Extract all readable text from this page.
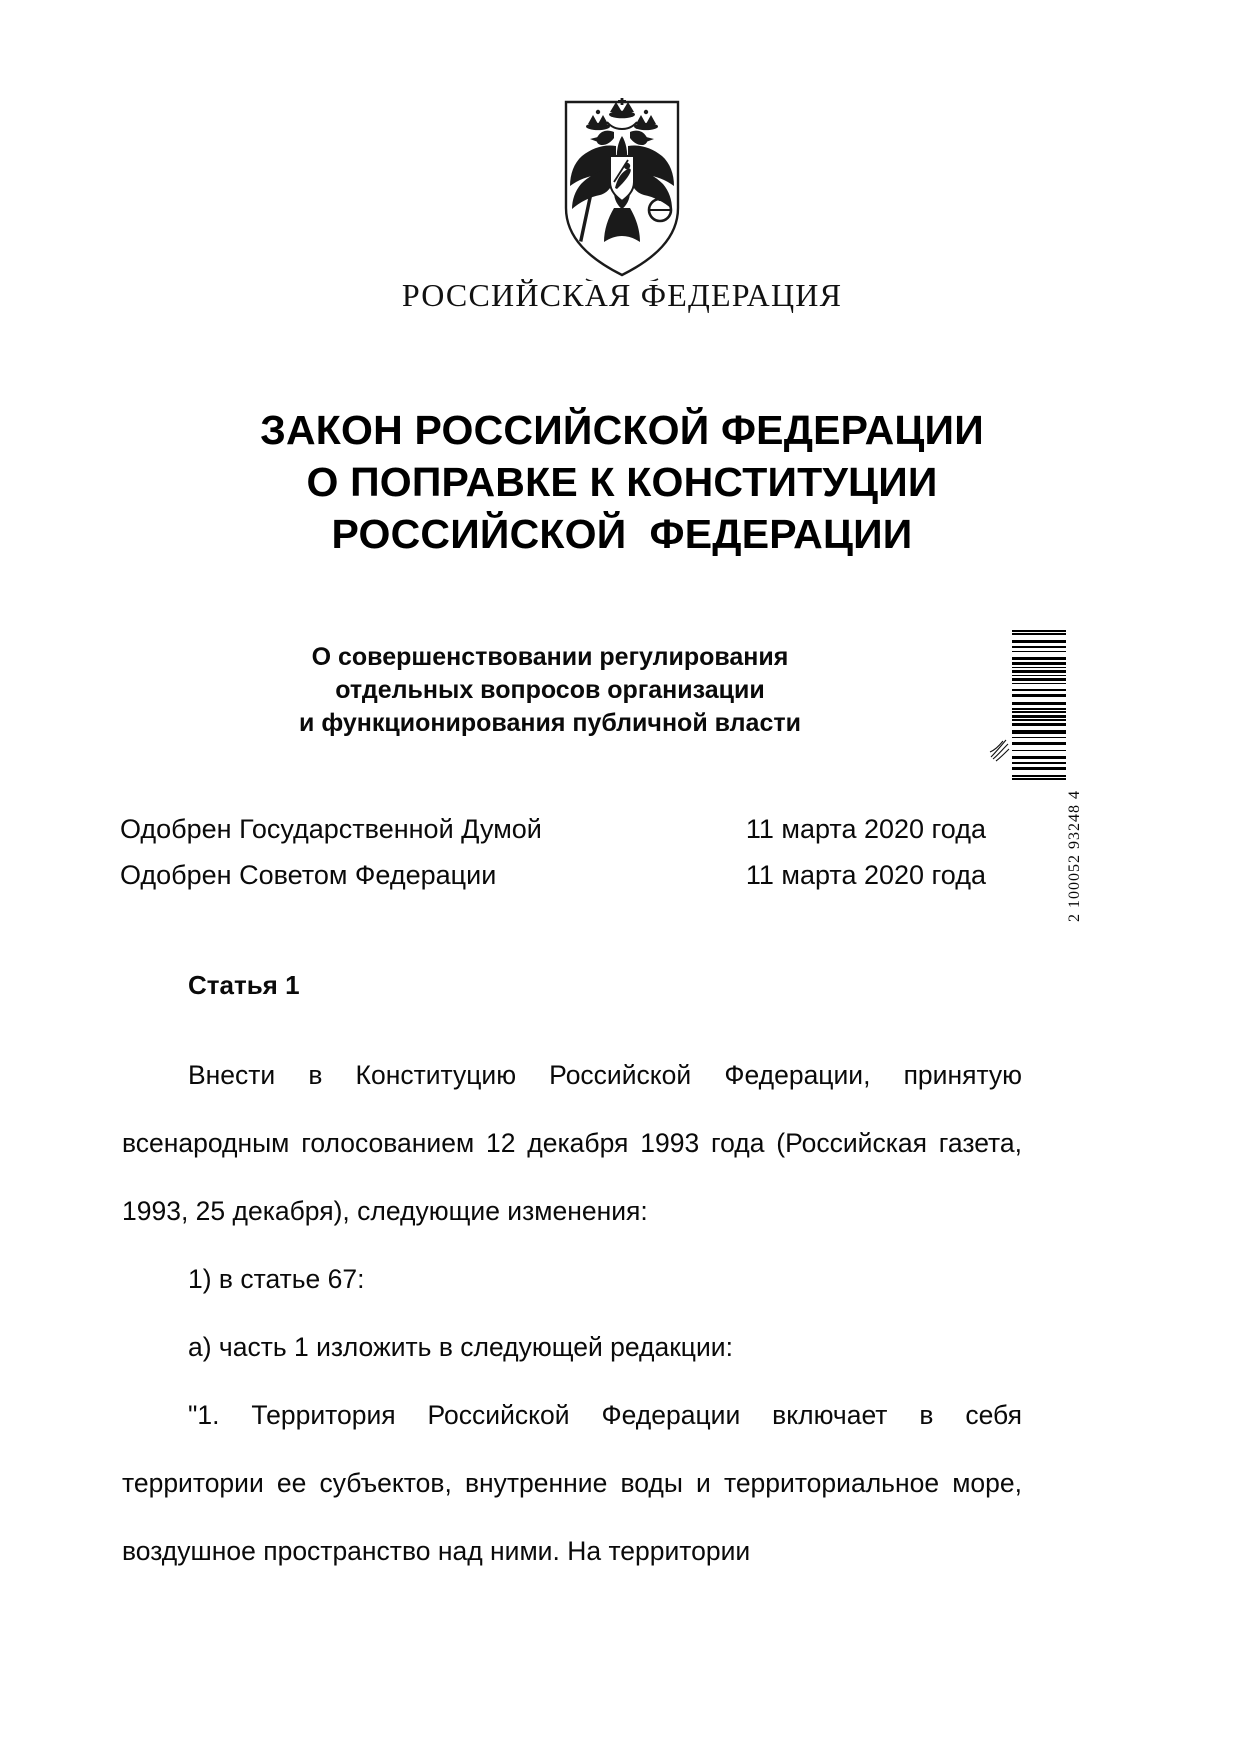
РОССИЙСКАЯ ФЕДЕРАЦИЯ
ЗАКОН РОССИЙСКОЙ ФЕДЕРАЦИИ
О ПОПРАВКЕ К КОНСТИТУЦИИ
РОССИЙСКОЙ  ФЕДЕРАЦИИ
О совершенствовании регулирования
отдельных вопросов организации
и функционирования публичной власти
2 100052 93248 4
Одобрен Государственной Думой	11 марта 2020 года
Одобрен Советом Федерации	11 марта 2020 года
Статья 1

Внести в Конституцию Российской Федерации, принятую всенародным голосованием 12 декабря 1993 года (Российская газета, 1993, 25 декабря), следующие изменения:

1) в статье 67:

а) часть 1 изложить в следующей редакции:

"1. Территория Российской Федерации включает в себя территории ее субъектов, внутренние воды и территориальное море, воздушное пространство над ними. На территории
